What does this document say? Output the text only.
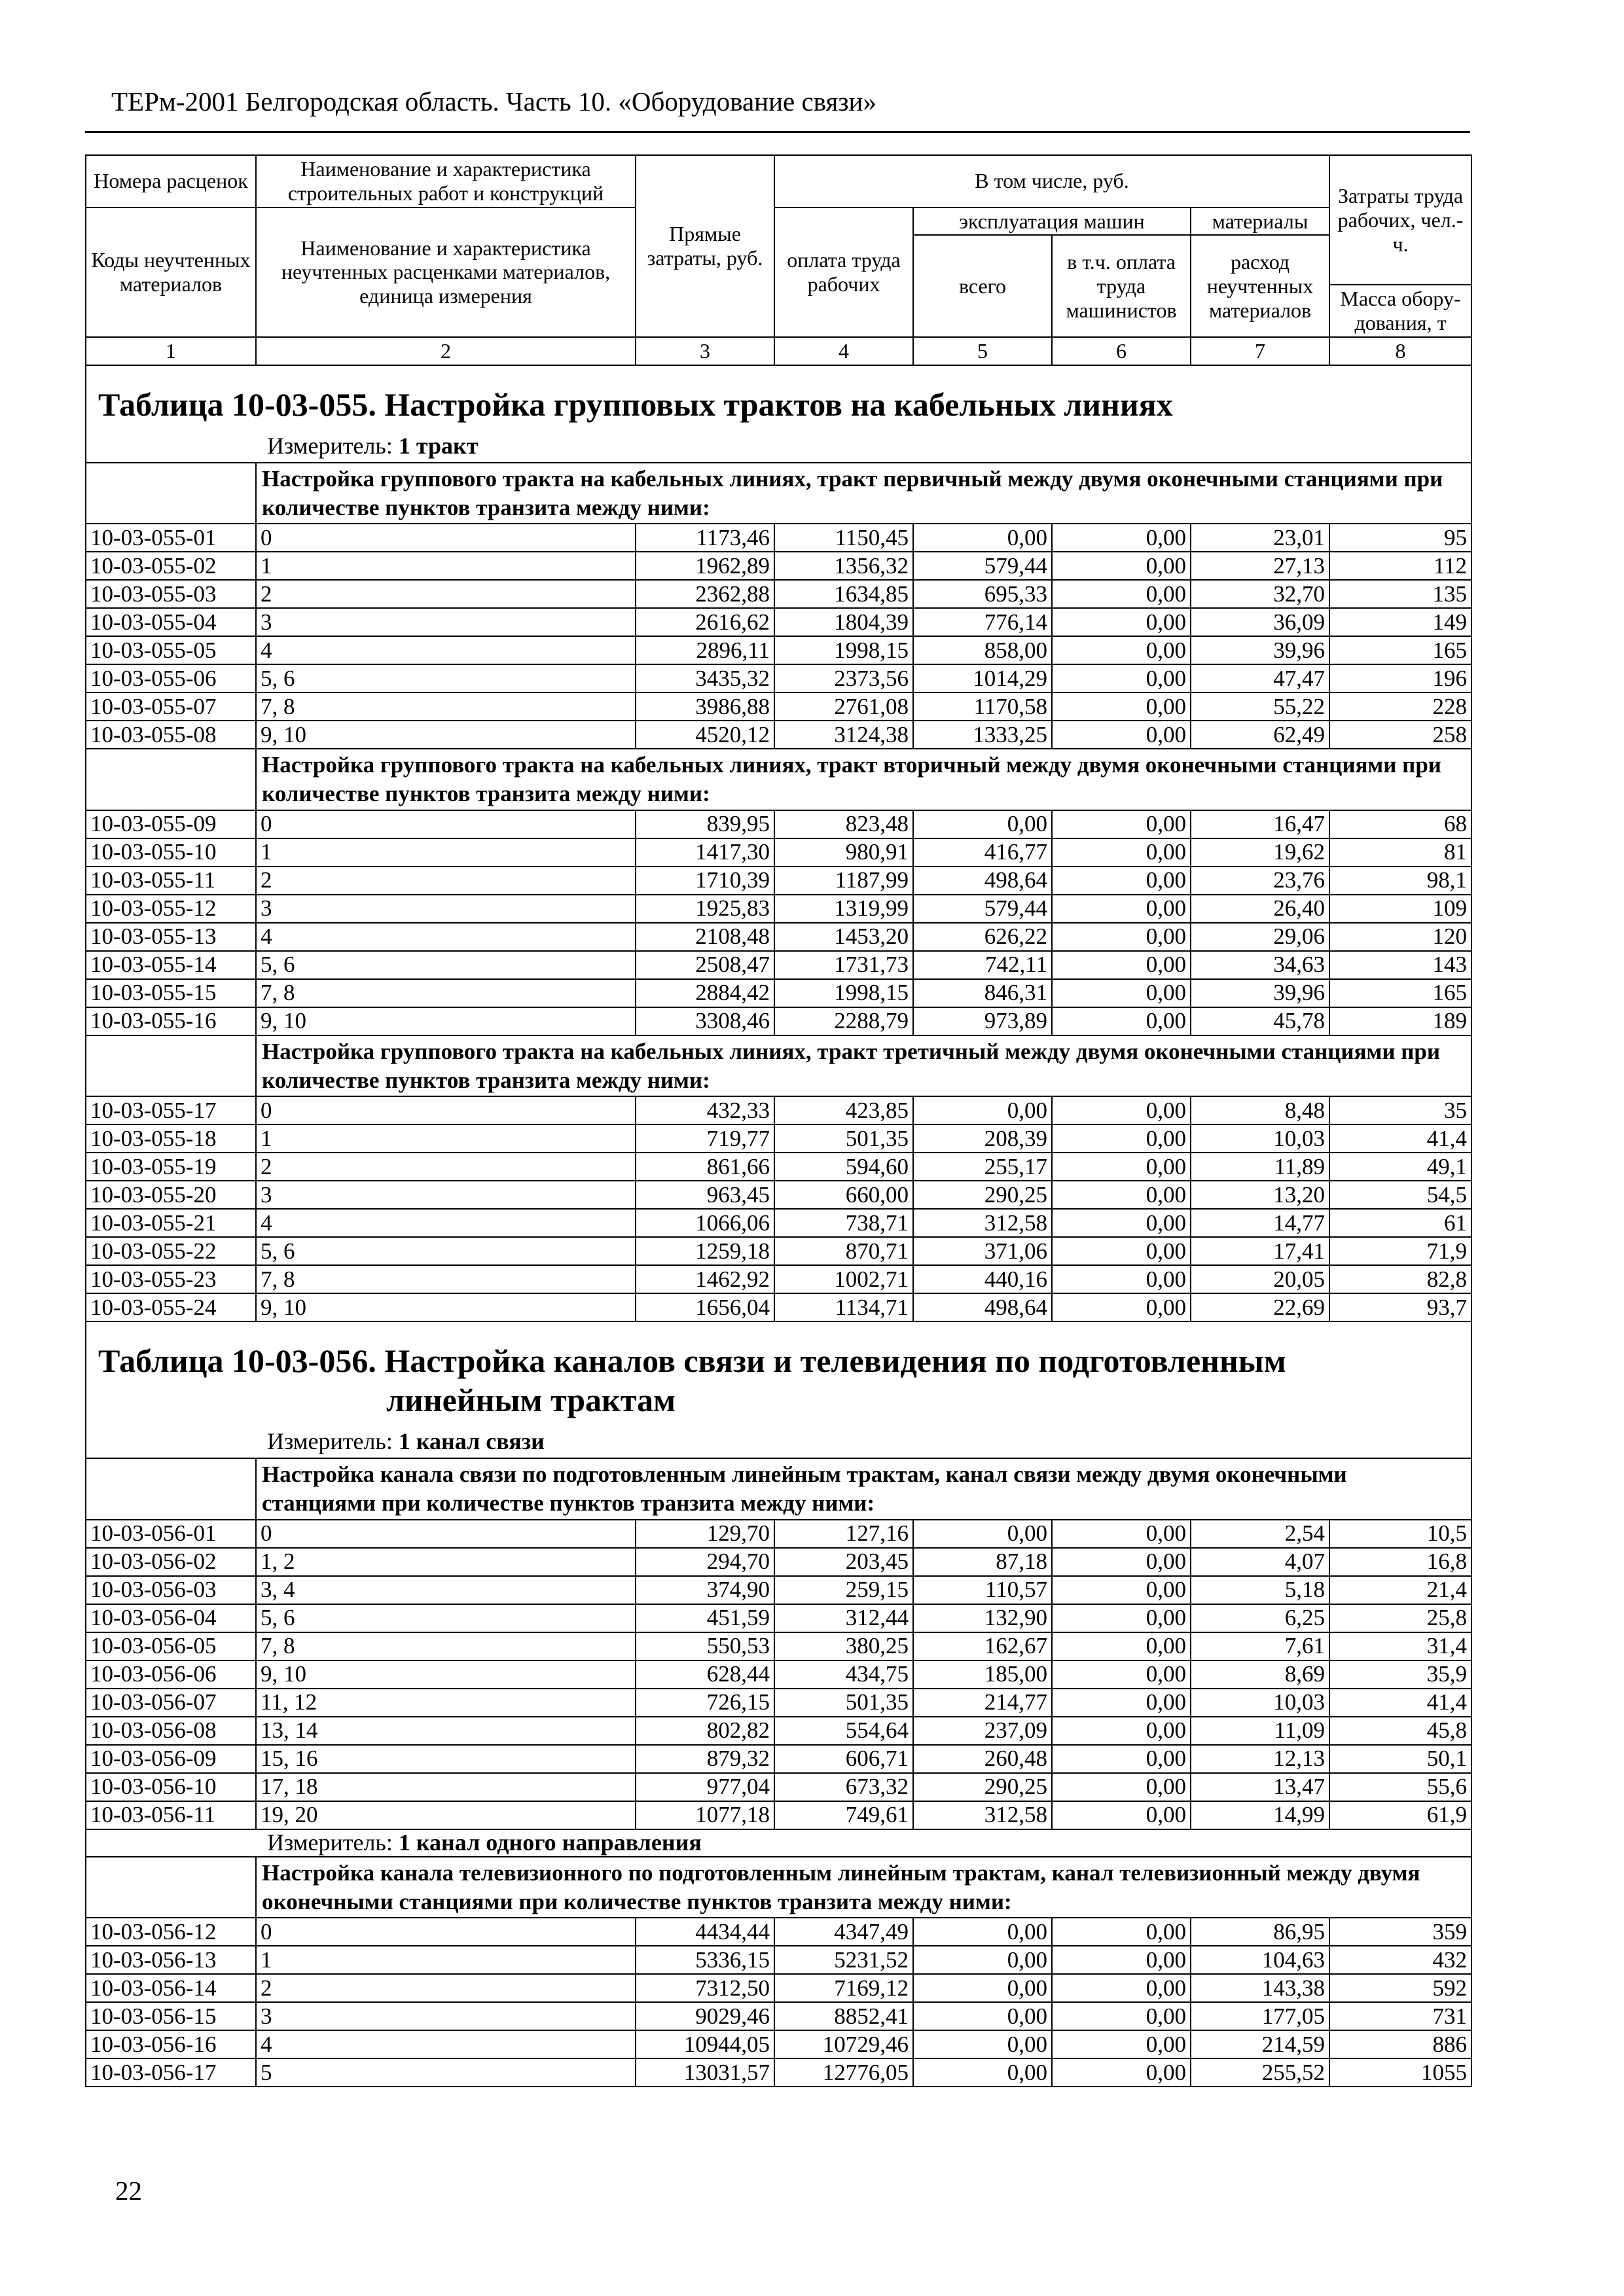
ТЕРм-2001 Белгородская область. Часть 10. «Оборудование связи»
Номера расценок	Наименование и характеристика строительных работ и конструкций	Прямые затраты, руб.	В том числе, руб.				Затраты труда рабочих, чел.-ч.
Коды неучтенных материалов	Наименование и характеристика неучтенных расценками материалов, единица измерения		оплата труда рабочих	эксплуатация машин		материалы	
				всего	в т.ч. оплата труда машинистов	расход неучтенных материалов	
							Масса обору-дования, т
1	2	3	4	5	6	7	8

Таблица 10-03-055. Настройка групповых трактов на кабельных линиях							

Измеритель: 1 тракт							

	Настройка группового тракта на кабельных линиях, тракт первичный между двумя оконечными станциями при количестве пунктов транзита между ними:						
10-03-055-01	0	1173,46	1150,45	0,00	0,00	23,01	95
10-03-055-02	1	1962,89	1356,32	579,44	0,00	27,13	112
10-03-055-03	2	2362,88	1634,85	695,33	0,00	32,70	135
10-03-055-04	3	2616,62	1804,39	776,14	0,00	36,09	149
10-03-055-05	4	2896,11	1998,15	858,00	0,00	39,96	165
10-03-055-06	5, 6	3435,32	2373,56	1014,29	0,00	47,47	196
10-03-055-07	7, 8	3986,88	2761,08	1170,58	0,00	55,22	228
10-03-055-08	9, 10	4520,12	3124,38	1333,25	0,00	62,49	258
	Настройка группового тракта на кабельных линиях, тракт вторичный между двумя оконечными станциями при количестве пунктов транзита между ними:						
10-03-055-09	0	839,95	823,48	0,00	0,00	16,47	68
10-03-055-10	1	1417,30	980,91	416,77	0,00	19,62	81
10-03-055-11	2	1710,39	1187,99	498,64	0,00	23,76	98,1
10-03-055-12	3	1925,83	1319,99	579,44	0,00	26,40	109
10-03-055-13	4	2108,48	1453,20	626,22	0,00	29,06	120
10-03-055-14	5, 6	2508,47	1731,73	742,11	0,00	34,63	143
10-03-055-15	7, 8	2884,42	1998,15	846,31	0,00	39,96	165
10-03-055-16	9, 10	3308,46	2288,79	973,89	0,00	45,78	189
	Настройка группового тракта на кабельных линиях, тракт третичный между двумя оконечными станциями при количестве пунктов транзита между ними:						
10-03-055-17	0	432,33	423,85	0,00	0,00	8,48	35
10-03-055-18	1	719,77	501,35	208,39	0,00	10,03	41,4
10-03-055-19	2	861,66	594,60	255,17	0,00	11,89	49,1
10-03-055-20	3	963,45	660,00	290,25	0,00	13,20	54,5
10-03-055-21	4	1066,06	738,71	312,58	0,00	14,77	61
10-03-055-22	5, 6	1259,18	870,71	371,06	0,00	17,41	71,9
10-03-055-23	7, 8	1462,92	1002,71	440,16	0,00	20,05	82,8
10-03-055-24	9, 10	1656,04	1134,71	498,64	0,00	22,69	93,7

Таблица 10-03-056. Настройка каналов связи и телевидения по подготовленным
линейным трактам							

Измеритель: 1 канал связи							

	Настройка канала связи по подготовленным линейным трактам, канал связи между двумя оконечными станциями при количестве пунктов транзита между ними:						
10-03-056-01	0	129,70	127,16	0,00	0,00	2,54	10,5
10-03-056-02	1, 2	294,70	203,45	87,18	0,00	4,07	16,8
10-03-056-03	3, 4	374,90	259,15	110,57	0,00	5,18	21,4
10-03-056-04	5, 6	451,59	312,44	132,90	0,00	6,25	25,8
10-03-056-05	7, 8	550,53	380,25	162,67	0,00	7,61	31,4
10-03-056-06	9, 10	628,44	434,75	185,00	0,00	8,69	35,9
10-03-056-07	11, 12	726,15	501,35	214,77	0,00	10,03	41,4
10-03-056-08	13, 14	802,82	554,64	237,09	0,00	11,09	45,8
10-03-056-09	15, 16	879,32	606,71	260,48	0,00	12,13	50,1
10-03-056-10	17, 18	977,04	673,32	290,25	0,00	13,47	55,6
10-03-056-11	19, 20	1077,18	749,61	312,58	0,00	14,99	61,9

Измеритель: 1 канал одного направления							

	Настройка канала телевизионного по подготовленным линейным трактам, канал телевизионный между двумя оконечными станциями при количестве пунктов транзита между ними:						
10-03-056-12	0	4434,44	4347,49	0,00	0,00	86,95	359
10-03-056-13	1	5336,15	5231,52	0,00	0,00	104,63	432
10-03-056-14	2	7312,50	7169,12	0,00	0,00	143,38	592
10-03-056-15	3	9029,46	8852,41	0,00	0,00	177,05	731
10-03-056-16	4	10944,05	10729,46	0,00	0,00	214,59	886
10-03-056-17	5	13031,57	12776,05	0,00	0,00	255,52	1055
22
